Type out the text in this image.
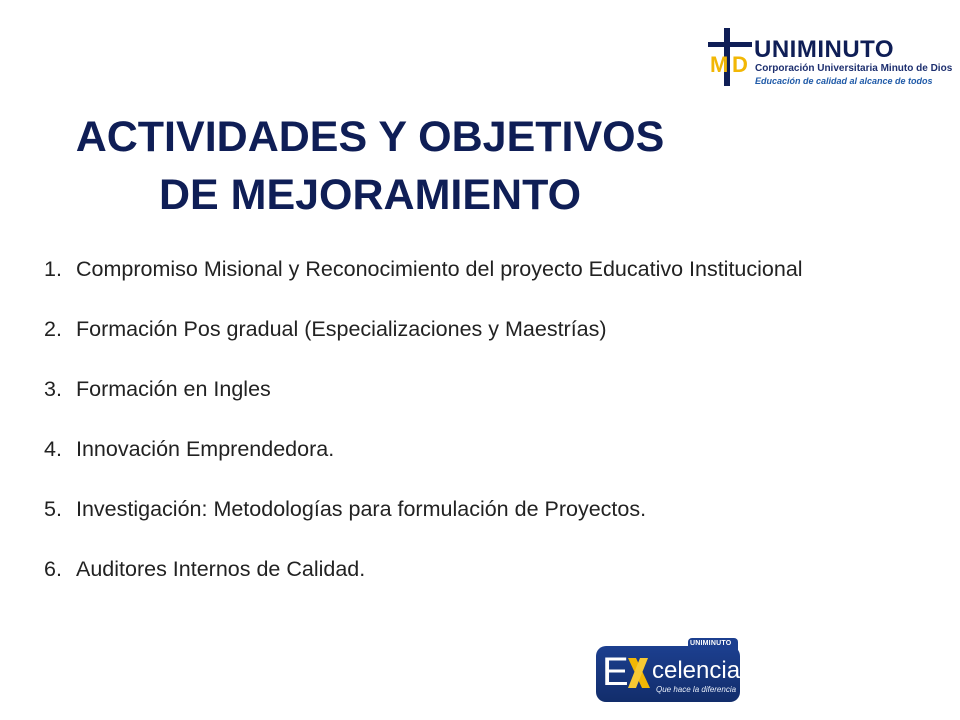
M D
UNIMINUTO
Corporación Universitaria Minuto de Dios
Educación de calidad al alcance de todos
ACTIVIDADES Y OBJETIVOS
DE MEJORAMIENTO
1. Compromiso Misional y Reconocimiento del proyecto Educativo Institucional
2. Formación Pos gradual (Especializaciones y Maestrías)
3. Formación en Ingles
4. Innovación Emprendedora.
5. Investigación: Metodologías para formulación de Proyectos.
6. Auditores Internos de Calidad.
UNIMINUTO
E celencia
Que hace la diferencia
